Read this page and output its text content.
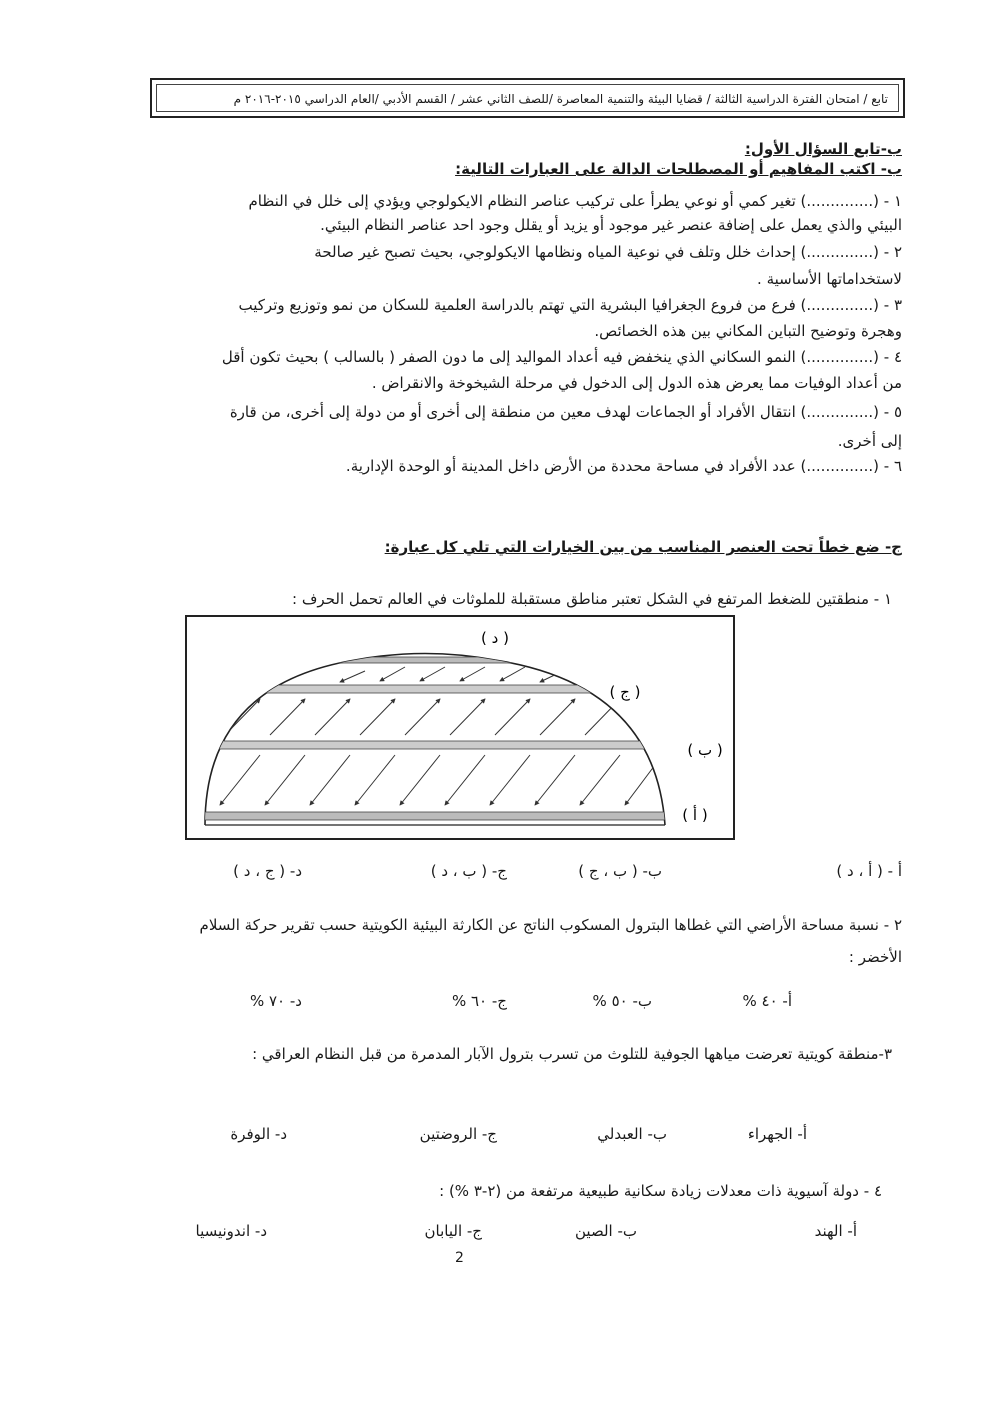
تابع / امتحان الفترة الدراسية الثالثة / قضايا البيئة والتنمية المعاصرة /للصف الثاني عشر / القسم الأدبي /العام الدراسي ٢٠١٥-٢٠١٦ م
ب-تابع السؤال الأول:
ب- اكتب المفاهيم أو المصطلحات الدالة على العبارات التالية:
١ - (..............) تغير كمي أو نوعي يطرأ على تركيب عناصر النظام الايكولوجي ويؤدي إلى خلل في النظام
البيئي والذي يعمل على إضافة عنصر غير موجود أو يزيد أو يقلل وجود احد عناصر النظام البيئي.
٢ - (..............) إحداث خلل وتلف في نوعية المياه ونظامها الايكولوجي، بحيث تصبح غير صالحة
لاستخداماتها الأساسية .
٣ - (..............) فرع من فروع الجغرافيا البشرية التي تهتم بالدراسة العلمية للسكان من نمو وتوزيع وتركيب
وهجرة وتوضيح التباين المكاني بين هذه الخصائص.
٤ - (..............) النمو السكاني الذي ينخفض فيه أعداد المواليد إلى ما دون الصفر ( بالسالب ) بحيث تكون أقل
من أعداد الوفيات مما يعرض هذه الدول إلى الدخول في مرحلة الشيخوخة والانقراض .
٥ - (..............) انتقال الأفراد أو الجماعات لهدف معين من منطقة إلى أخرى أو من دولة إلى أخرى، من قارة
إلى أخرى.
٦ - (..............) عدد الأفراد في مساحة محددة من الأرض داخل المدينة أو الوحدة الإدارية.
ج- ضع خطاً تحت العنصر المناسب من بين الخيارات التي تلي كل عبارة:
١ - منطقتين للضغط المرتفع في الشكل تعتبر مناطق مستقبلة للملوثات في العالم تحمل الحرف :
( د )
( ج )
( ب )
( أ )
أ - ( أ ، د )
ب- ( ب ، ج )
ج- ( ب ، د )
د- ( ج ، د )
٢ - نسبة مساحة الأراضي التي غطاها البترول المسكوب الناتج عن الكارثة البيئية الكويتية حسب تقرير حركة السلام
الأخضر :
أ- ٤٠ %
ب- ٥٠ %
ج- ٦٠ %
د- ٧٠ %
٣-منطقة كويتية تعرضت مياهها الجوفية للتلوث من تسرب بترول الآبار المدمرة من قبل النظام العراقي :
أ- الجهراء
ب- العبدلي
ج- الروضتين
د- الوفرة
٤ - دولة آسيوية ذات معدلات زيادة سكانية طبيعية مرتفعة من (٢-٣ %) :
أ- الهند
ب- الصين
ج- اليابان
د- اندونيسيا
2
